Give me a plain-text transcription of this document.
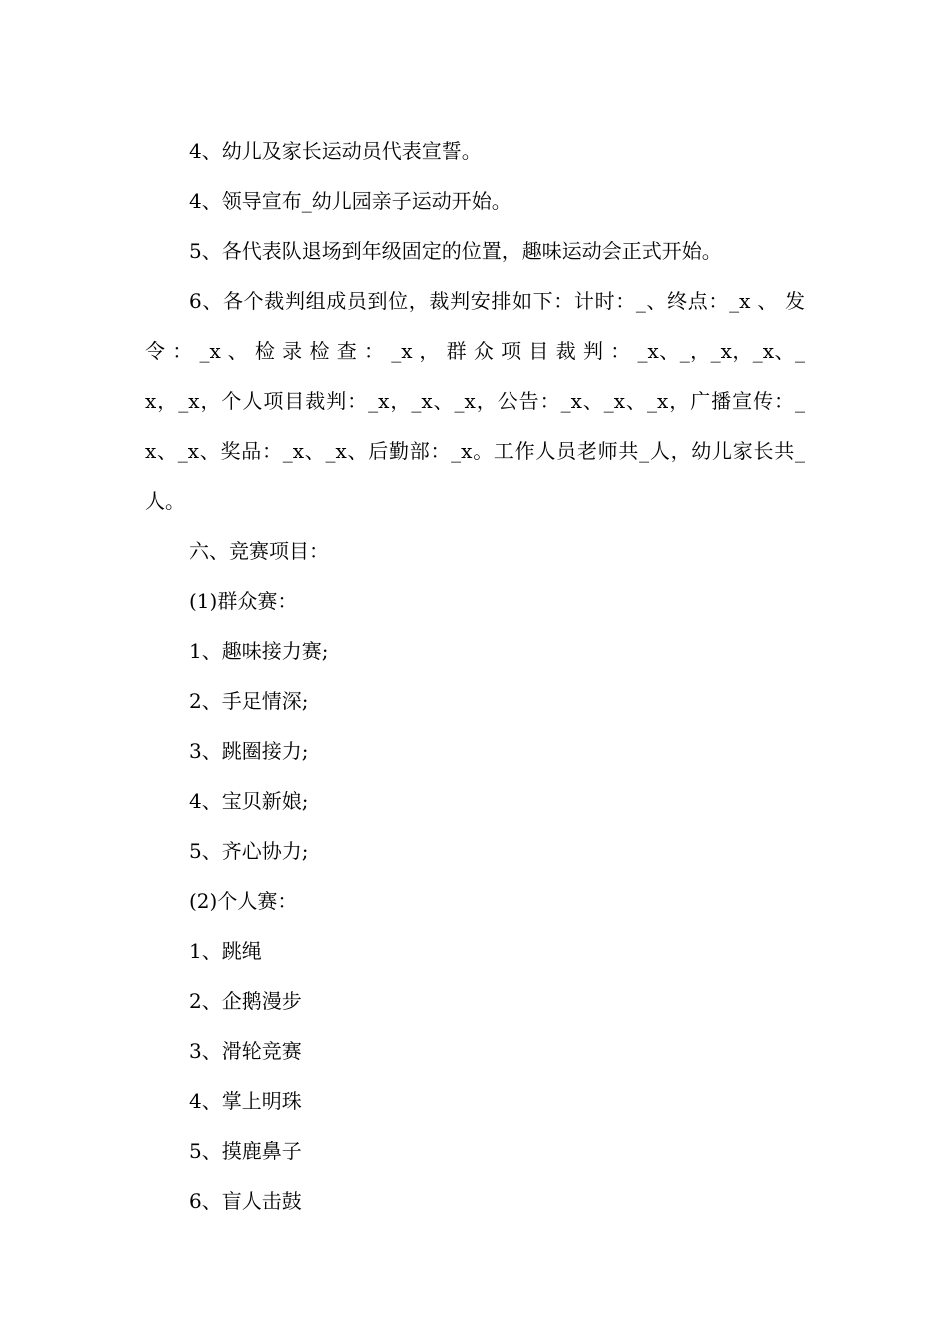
4、幼儿及家长运动员代表宣誓。

4、领导宣布_幼儿园亲子运动开始。

5、各代表队退场到年级固定的位置，趣味运动会正式开始。

6、各个裁判组成员到位，裁判安排如下：计时：_、终点：_x 、 发 令 ： _x 、 检 录 检 查 ： _x ， 群 众 项 目 裁 判 ： _x、_，_x，_x、_x，_x，个人项目裁判：_x，_x、_x，公告：_x、_x、_x，广播宣传：_x、_x、奖品：_x、_x、后勤部：_x。工作人员老师共_人，幼儿家长共_人。

六、竞赛项目：

(1)群众赛：

1、趣味接力赛;

2、手足情深;

3、跳圈接力;

4、宝贝新娘;

5、齐心协力;

(2)个人赛：

1、跳绳

2、企鹅漫步

3、滑轮竞赛

4、掌上明珠

5、摸鹿鼻子

6、盲人击鼓
